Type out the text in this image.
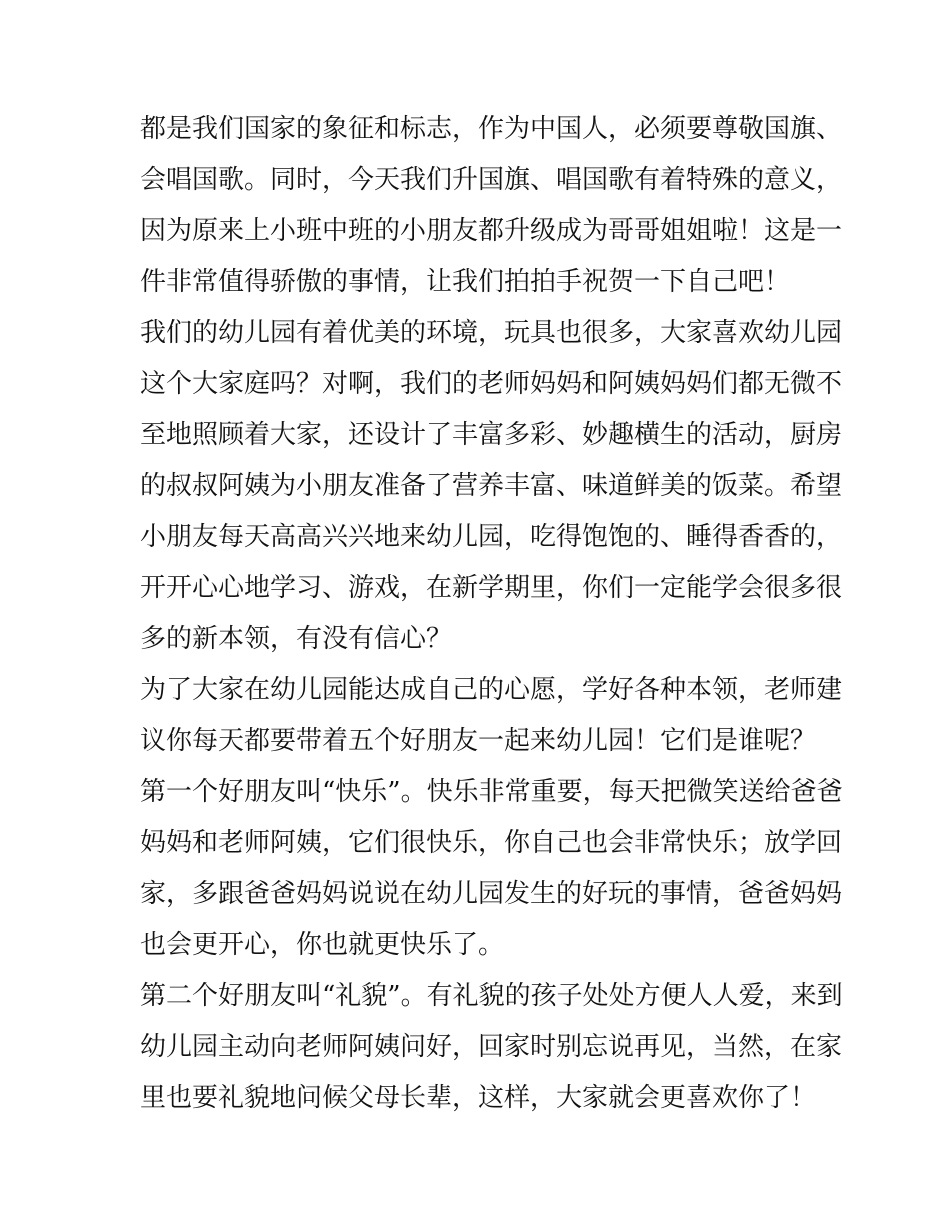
都是我们国家的象征和标志，作为中国人，必须要尊敬国旗、
会唱国歌。同时，今天我们升国旗、唱国歌有着特殊的意义，
因为原来上小班中班的小朋友都升级成为哥哥姐姐啦！这是一
件非常值得骄傲的事情，让我们拍拍手祝贺一下自己吧！
我们的幼儿园有着优美的环境，玩具也很多，大家喜欢幼儿园
这个大家庭吗？对啊，我们的老师妈妈和阿姨妈妈们都无微不
至地照顾着大家，还设计了丰富多彩、妙趣横生的活动，厨房
的叔叔阿姨为小朋友准备了营养丰富、味道鲜美的饭菜。希望
小朋友每天高高兴兴地来幼儿园，吃得饱饱的、睡得香香的，
开开心心地学习、游戏，在新学期里，你们一定能学会很多很
多的新本领，有没有信心？
为了大家在幼儿园能达成自己的心愿，学好各种本领，老师建
议你每天都要带着五个好朋友一起来幼儿园！它们是谁呢？
第一个好朋友叫“快乐”。快乐非常重要，每天把微笑送给爸爸
妈妈和老师阿姨，它们很快乐，你自己也会非常快乐；放学回
家，多跟爸爸妈妈说说在幼儿园发生的好玩的事情，爸爸妈妈
也会更开心，你也就更快乐了。
第二个好朋友叫“礼貌”。有礼貌的孩子处处方便人人爱，来到
幼儿园主动向老师阿姨问好，回家时别忘说再见，当然，在家
里也要礼貌地问候父母长辈，这样，大家就会更喜欢你了！
